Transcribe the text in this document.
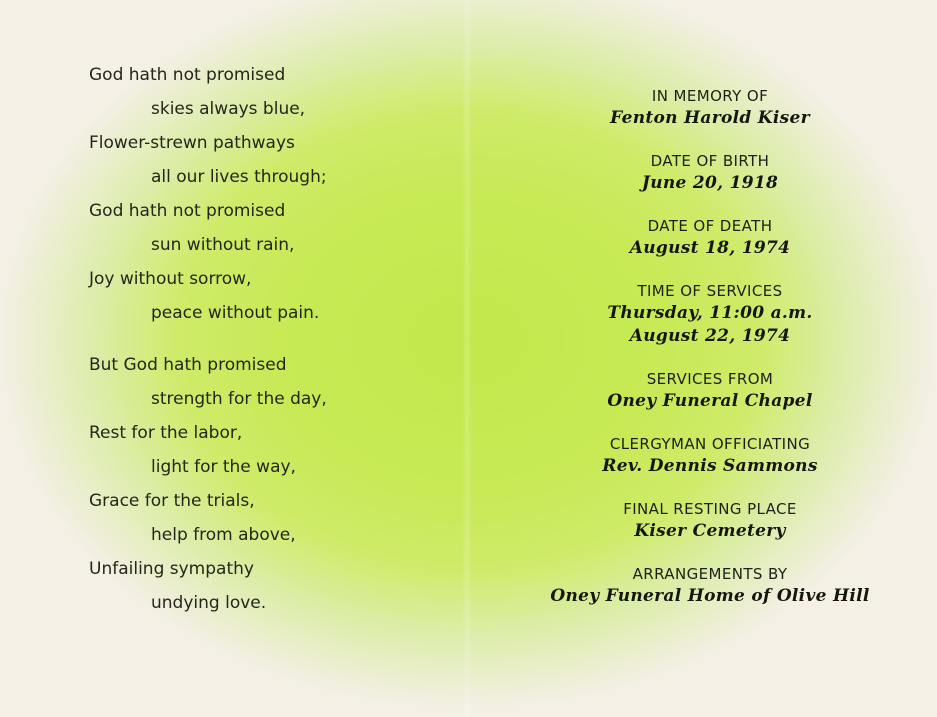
God hath not promised
skies always blue,
Flower-strewn pathways
all our lives through;
God hath not promised
sun without rain,
Joy without sorrow,
peace without pain.
But God hath promised
strength for the day,
Rest for the labor,
light for the way,
Grace for the trials,
help from above,
Unfailing sympathy
undying love.
IN MEMORY OF
Fenton Harold Kiser
DATE OF BIRTH
June 20, 1918
DATE OF DEATH
August 18, 1974
TIME OF SERVICES
Thursday, 11:00 a.m.
August 22, 1974
SERVICES FROM
Oney Funeral Chapel
CLERGYMAN OFFICIATING
Rev. Dennis Sammons
FINAL RESTING PLACE
Kiser Cemetery
ARRANGEMENTS BY
Oney Funeral Home of Olive Hill
